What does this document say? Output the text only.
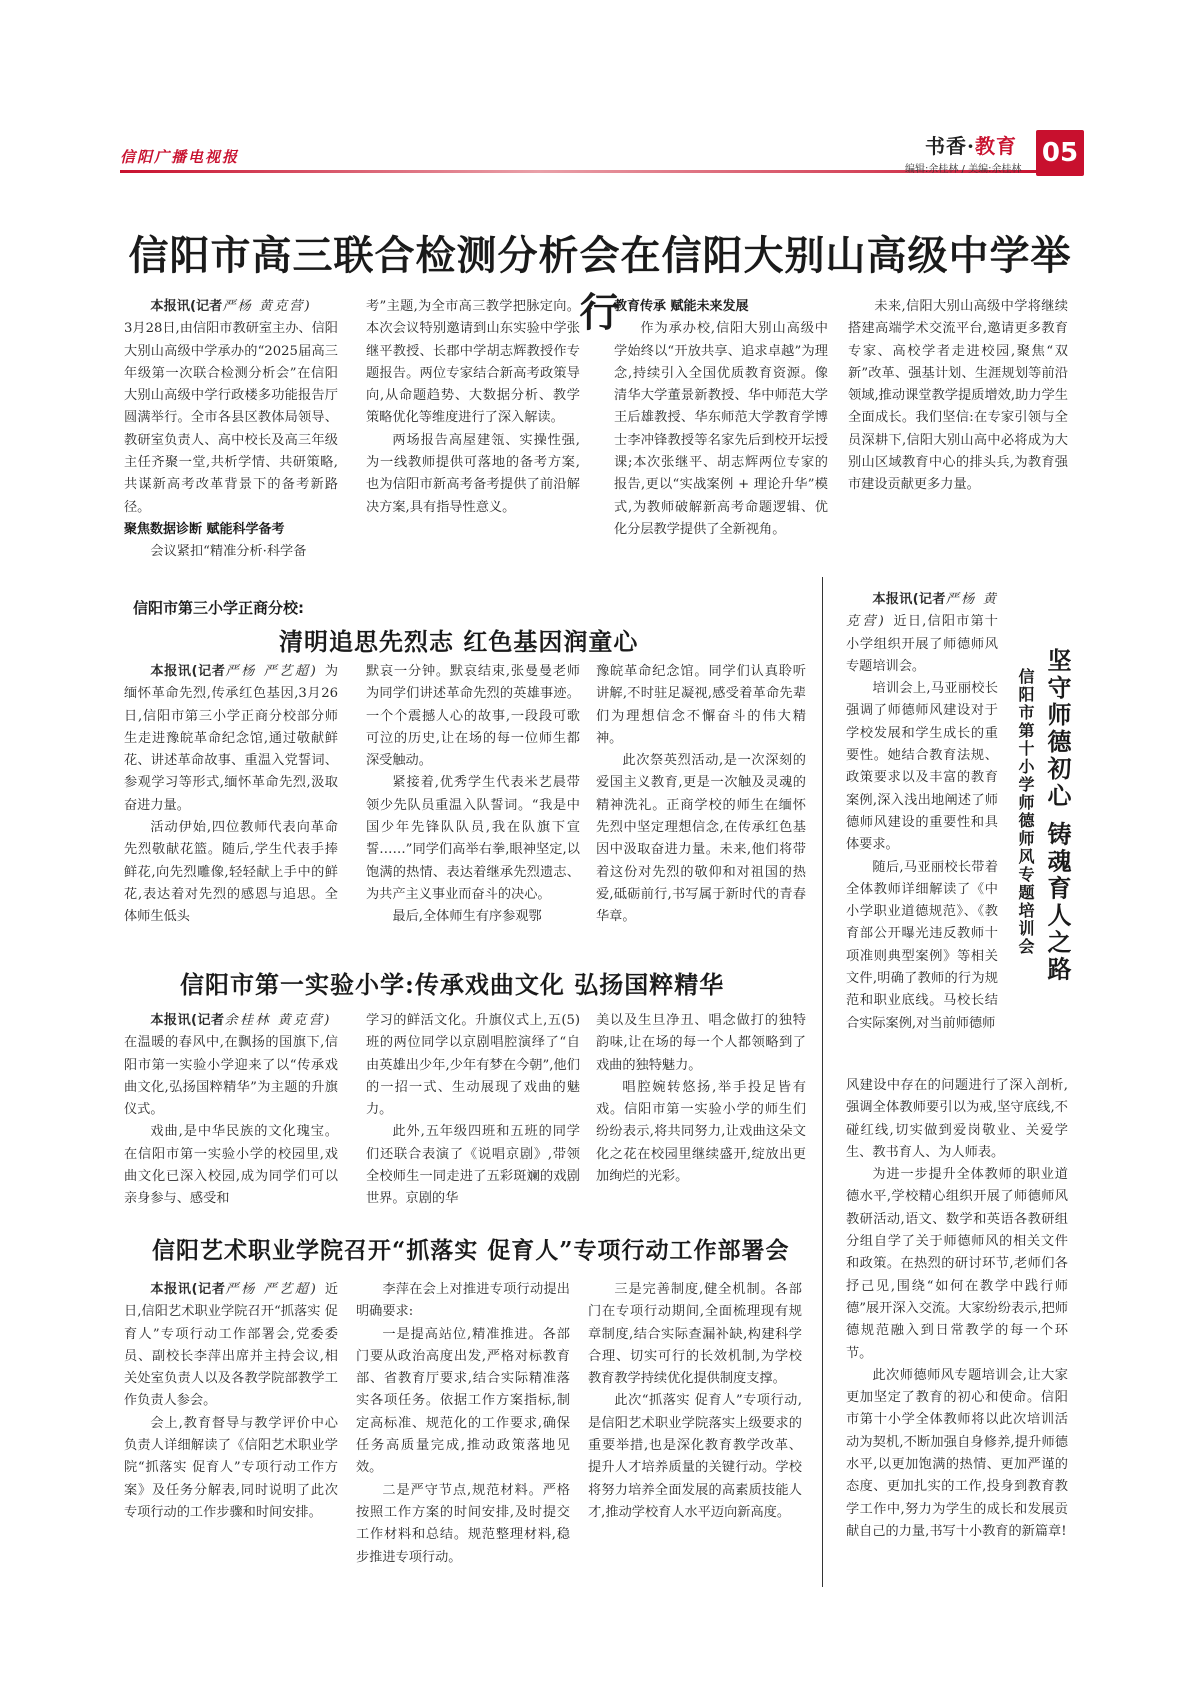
信阳广播电视报	书香·教育
编辑:余桂林 / 美编:余桂林
05
信阳市高三联合检测分析会在信阳大别山高级中学举行

本报讯(记者严杨 黄克营)

3月28日,由信阳市教研室主办、信阳大别山高级中学承办的“2025届高三年级第一次联合检测分析会”在信阳大别山高级中学行政楼多功能报告厅圆满举行。全市各县区教体局领导、教研室负责人、高中校长及高三年级主任齐聚一堂,共析学情、共研策略,共谋新高考改革背景下的备考新路径。

聚焦数据诊断 赋能科学备考

会议紧扣“精准分析·科学备

考”主题,为全市高三教学把脉定向。本次会议特别邀请到山东实验中学张继平教授、长郡中学胡志辉教授作专题报告。两位专家结合新高考政策导向,从命题趋势、大数据分析、教学策略优化等维度进行了深入解读。

两场报告高屋建瓴、实操性强,为一线教师提供可落地的备考方案,也为信阳市新高考备考提供了前沿解决方案,具有指导性意义。

教育传承 赋能未来发展

作为承办校,信阳大别山高级中学始终以“开放共享、追求卓越”为理念,持续引入全国优质教育资源。像清华大学董景新教授、华中师范大学王后雄教授、华东师范大学教育学博士李冲锋教授等名家先后到校开坛授课;本次张继平、胡志辉两位专家的报告,更以“实战案例 + 理论升华”模式,为教师破解新高考命题逻辑、优化分层教学提供了全新视角。

未来,信阳大别山高级中学将继续搭建高端学术交流平台,邀请更多教育专家、高校学者走进校园,聚焦“双新”改革、强基计划、生涯规划等前沿领域,推动课堂教学提质增效,助力学生全面成长。我们坚信:在专家引领与全员深耕下,信阳大别山高中必将成为大别山区域教育中心的排头兵,为教育强市建设贡献更多力量。

信阳市第三小学正商分校:
清明追思先烈志 红色基因润童心

本报讯(记者严杨 严艺超) 为缅怀革命先烈,传承红色基因,3月26日,信阳市第三小学正商分校部分师生走进豫皖革命纪念馆,通过敬献鲜花、讲述革命故事、重温入党誓词、参观学习等形式,缅怀革命先烈,汲取奋进力量。

活动伊始,四位教师代表向革命先烈敬献花篮。随后,学生代表手捧鲜花,向先烈雕像,轻轻献上手中的鲜花,表达着对先烈的感恩与追思。全体师生低头

默哀一分钟。默哀结束,张曼曼老师为同学们讲述革命先烈的英雄事迹。一个个震撼人心的故事,一段段可歌可泣的历史,让在场的每一位师生都深受触动。

紧接着,优秀学生代表米艺晨带领少先队员重温入队誓词。“我是中国少年先锋队队员,我在队旗下宣誓……”同学们高举右拳,眼神坚定,以饱满的热情、表达着继承先烈遗志、为共产主义事业而奋斗的决心。

最后,全体师生有序参观鄂

豫皖革命纪念馆。同学们认真聆听讲解,不时驻足凝视,感受着革命先辈们为理想信念不懈奋斗的伟大精神。

此次祭英烈活动,是一次深刻的爱国主义教育,更是一次触及灵魂的精神洗礼。正商学校的师生在缅怀先烈中坚定理想信念,在传承红色基因中汲取奋进力量。未来,他们将带着这份对先烈的敬仰和对祖国的热爱,砥砺前行,书写属于新时代的青春华章。

信阳市第一实验小学:传承戏曲文化 弘扬国粹精华

本报讯(记者余桂林 黄克营)在温暖的春风中,在飘扬的国旗下,信阳市第一实验小学迎来了以“传承戏曲文化,弘扬国粹精华”为主题的升旗仪式。

戏曲,是中华民族的文化瑰宝。在信阳市第一实验小学的校园里,戏曲文化已深入校园,成为同学们可以亲身参与、感受和

学习的鲜活文化。升旗仪式上,五(5)班的两位同学以京剧唱腔演绎了“自由英雄出少年,少年有梦在今朝”,他们的一招一式、生动展现了戏曲的魅力。

此外,五年级四班和五班的同学们还联合表演了《说唱京剧》,带领全校师生一同走进了五彩斑斓的戏剧世界。京剧的华

美以及生旦净丑、唱念做打的独特韵味,让在场的每一个人都领略到了戏曲的独特魅力。

唱腔婉转悠扬,举手投足皆有戏。信阳市第一实验小学的师生们纷纷表示,将共同努力,让戏曲这朵文化之花在校园里继续盛开,绽放出更加绚烂的光彩。

信阳艺术职业学院召开“抓落实 促育人”专项行动工作部署会

本报讯(记者严杨 严艺超) 近日,信阳艺术职业学院召开“抓落实 促育人”专项行动工作部署会,党委委员、副校长李萍出席并主持会议,相关处室负责人以及各教学院部教学工作负责人参会。

会上,教育督导与教学评价中心负责人详细解读了《信阳艺术职业学院“抓落实 促育人”专项行动工作方案》及任务分解表,同时说明了此次专项行动的工作步骤和时间安排。

李萍在会上对推进专项行动提出明确要求:

一是提高站位,精准推进。各部门要从政治高度出发,严格对标教育部、省教育厅要求,结合实际精准落实各项任务。依据工作方案指标,制定高标准、规范化的工作要求,确保任务高质量完成,推动政策落地见效。

二是严守节点,规范材料。严格按照工作方案的时间安排,及时提交工作材料和总结。规范整理材料,稳步推进专项行动。

三是完善制度,健全机制。各部门在专项行动期间,全面梳理现有规章制度,结合实际查漏补缺,构建科学合理、切实可行的长效机制,为学校教育教学持续优化提供制度支撑。

此次“抓落实 促育人”专项行动,是信阳艺术职业学院落实上级要求的重要举措,也是深化教育教学改革、提升人才培养质量的关键行动。学校将努力培养全面发展的高素质技能人才,推动学校育人水平迈向新高度。

坚守师德初心 铸魂育人之路
信阳市第十小学师德师风专题培训会

本报讯(记者严杨 黄克营) 近日,信阳市第十小学组织开展了师德师风专题培训会。

培训会上,马亚丽校长强调了师德师风建设对于学校发展和学生成长的重要性。她结合教育法规、政策要求以及丰富的教育案例,深入浅出地阐述了师德师风建设的重要性和具体要求。

随后,马亚丽校长带着全体教师详细解读了《中小学职业道德规范》、《教育部公开曝光违反教师十项准则典型案例》等相关文件,明确了教师的行为规范和职业底线。马校长结合实际案例,对当前师德师

风建设中存在的问题进行了深入剖析,强调全体教师要引以为戒,坚守底线,不碰红线,切实做到爱岗敬业、关爱学生、教书育人、为人师表。

为进一步提升全体教师的职业道德水平,学校精心组织开展了师德师风教研活动,语文、数学和英语各教研组分组自学了关于师德师风的相关文件和政策。在热烈的研讨环节,老师们各抒己见,围绕“如何在教学中践行师德”展开深入交流。大家纷纷表示,把师德规范融入到日常教学的每一个环节。

此次师德师风专题培训会,让大家更加坚定了教育的初心和使命。信阳市第十小学全体教师将以此次培训活动为契机,不断加强自身修养,提升师德水平,以更加饱满的热情、更加严谨的态度、更加扎实的工作,投身到教育教学工作中,努力为学生的成长和发展贡献自己的力量,书写十小教育的新篇章!
